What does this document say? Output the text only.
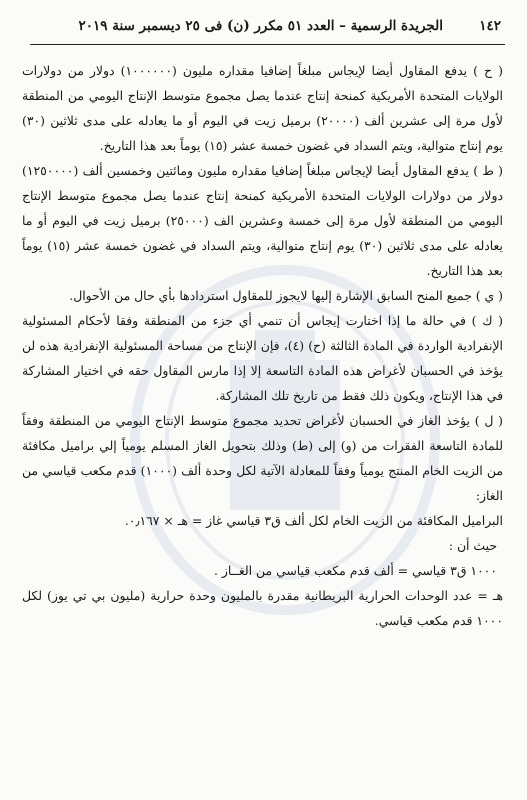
١٤٢
الجريدة الرسمية – العدد ٥١ مكرر (ن) فى ٢٥ ديسمبر سنة ٢٠١٩
( ح ) يدفع المقاول أيضا لإيجاس مبلغاً إضافيا مقداره مليون (١٠٠٠٠٠٠) دولار من دولارات الولايات المتحدة الأمريكية كمنحة إنتاج عندما يصل مجموع متوسط الإنتاج اليومي من المنطقة لأول مرة إلى عشرين ألف (٢٠٠٠٠) برميل زيت في اليوم أو ما يعادله على مدى ثلاثين (٣٠) يوم إنتاج متوالية، ويتم السداد في غضون خمسة عشر (١٥) يوماً بعد هذا التاريخ.
( ط ) يدفع المقاول أيضا لإيجاس مبلغاً إضافيا مقداره مليون ومائتين وخمسين ألف (١٢٥٠٠٠٠) دولار من دولارات الولايات المتحدة الأمريكية كمنحة إنتاج عندما يصل مجموع متوسط الإنتاج اليومي من المنطقة لأول مرة إلى خمسة وعشرين الف (٢٥٠٠٠) برميل زيت في اليوم أو ما يعادله على مدى ثلاثين (٣٠) يوم إنتاج متوالية، ويتم السداد في غضون خمسة عشر (١٥) يوماً بعد هذا التاريخ.
( ي ) جميع المنح السابق الإشارة إليها لايجوز للمقاول استردادها بأي حال من الأحوال.
( ك ) في حالة ما إذا اختارت إيجاس أن تنمي أي جزء من المنطقة وفقا لأحكام المسئولية الإنفرادية الواردة في المادة الثالثة (ح) (٤)، فإن الإنتاج من مساحة المسئولية الإنفرادية هذه لن يؤخذ في الحسبان لأغراض هذه المادة التاسعة إلا إذا مارس المقاول حقه في اختيار المشاركة في هذا الإنتاج، ويكون ذلك فقط من تاريخ تلك المشاركة.
( ل ) يؤخذ الغاز في الحسبان لأغراض تحديد مجموع متوسط الإنتاج اليومي من المنطقة وفقاً للمادة التاسعة الفقرات من (و) إلى (ط) وذلك بتحويل الغاز المسلم يومياً إلي براميل مكافئة من الزيت الخام المنتج يومياً وفقاً للمعادلة الآتية لكل وحدة ألف (١٠٠٠) قدم مكعب قياسي من الغاز:
البراميل المكافئة من الزيت الخام لكل ألف ق٣ قياسي غاز = هـ × ٠٫١٦٧.
حيث أن :
١٠٠٠ ق٣ قياسي = ألف قدم مكعب قياسي من الغــاز .
هـ = عدد الوحدات الحرارية البريطانية مقدرة بالمليون وحدة حرارية (مليون بي تي يوز) لكل ١٠٠٠ قدم مكعب قياسي.
